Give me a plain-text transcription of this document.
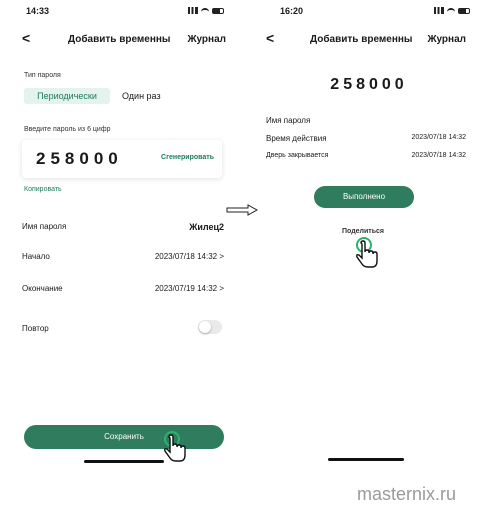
14:33
<	Добавить временны Журнал
Тип пароля
Периодически	Один раз
Введите пароль из 6 цифр
258000	Сгенерировать
Копировать
Имя пароля	Жилец2
Начало	2023/07/18 14:32 >
Окончание	2023/07/19 14:32 >
Повтор
Сохранить
16:20
<	Добавить временны Журнал
258000
Имя пароля
Время действия	2023/07/18 14:32
Дверь закрывается	2023/07/18 14:32
Выполнено
Поделиться
masternix.ru
